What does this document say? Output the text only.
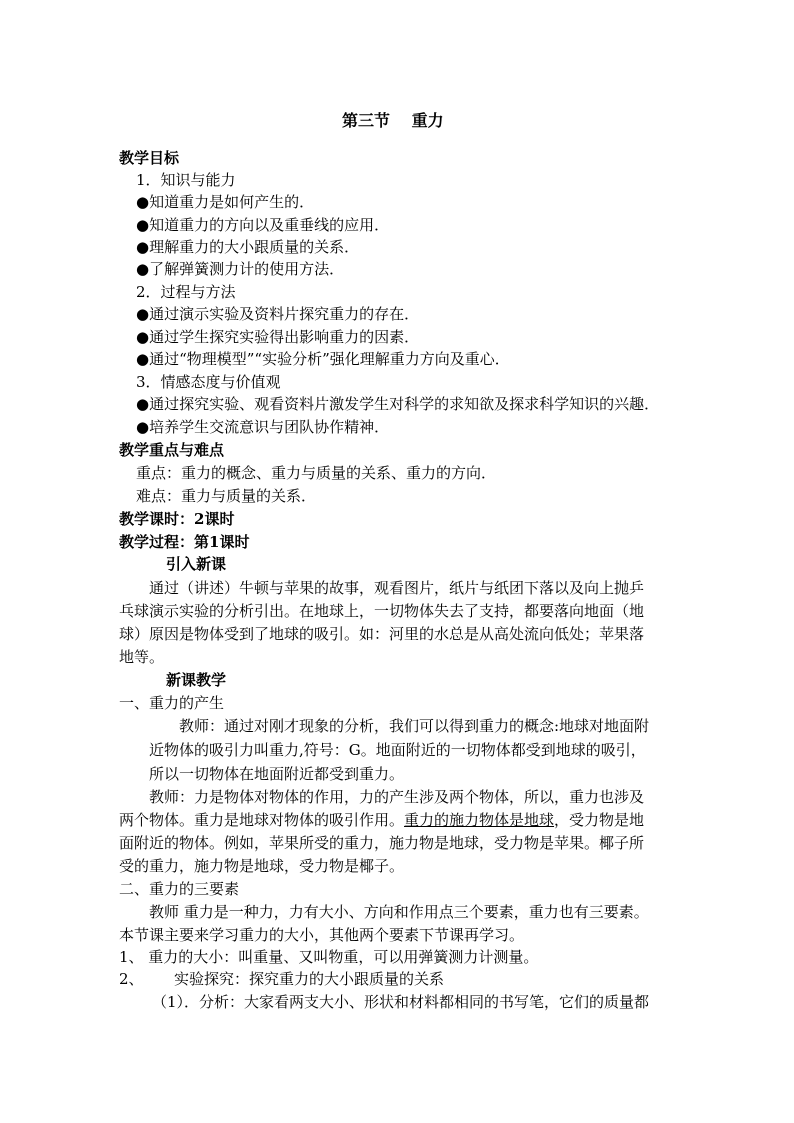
第三节　 重力
教学目标
1．知识与能力
●知道重力是如何产生的．
●知道重力的方向以及重垂线的应用．
●理解重力的大小跟质量的关系．
●了解弹簧测力计的使用方法．
2．过程与方法
●通过演示实验及资料片探究重力的存在．
●通过学生探究实验得出影响重力的因素．
●通过“物理模型”“实验分析”强化理解重力方向及重心．
3．情感态度与价值观
●通过探究实验、观看资料片激发学生对科学的求知欲及探求科学知识的兴趣．
●培养学生交流意识与团队协作精神．
教学重点与难点
重点：重力的概念、重力与质量的关系、重力的方向．
难点：重力与质量的关系．
教学课时：2课时
教学过程：第1课时
引入新课
通过（讲述）牛顿与苹果的故事，观看图片，纸片与纸团下落以及向上抛乒
乓球演示实验的分析引出。在地球上，一切物体失去了支持，都要落向地面（地
球）原因是物体受到了地球的吸引。如：河里的水总是从高处流向低处；苹果落
地等。
新课教学
一、重力的产生
教师：通过对刚才现象的分析，我们可以得到重力的概念:地球对地面附
近物体的吸引力叫重力,符号：G。地面附近的一切物体都受到地球的吸引，
所以一切物体在地面附近都受到重力。
教师：力是物体对物体的作用，力的产生涉及两个物体，所以，重力也涉及
两个物体。重力是地球对物体的吸引作用。重力的施力物体是地球，受力物是地
面附近的物体。例如，苹果所受的重力，施力物是地球，受力物是苹果。椰子所
受的重力，施力物是地球，受力物是椰子。
二、重力的三要素
教师 重力是一种力，力有大小、方向和作用点三个要素，重力也有三要素。
本节课主要来学习重力的大小，其他两个要素下节课再学习。
1、 重力的大小：叫重量、又叫物重，可以用弹簧测力计测量。
2、 实验探究：探究重力的大小跟质量的关系
（1）．分析：大家看两支大小、形状和材料都相同的书写笔，它们的质量都
